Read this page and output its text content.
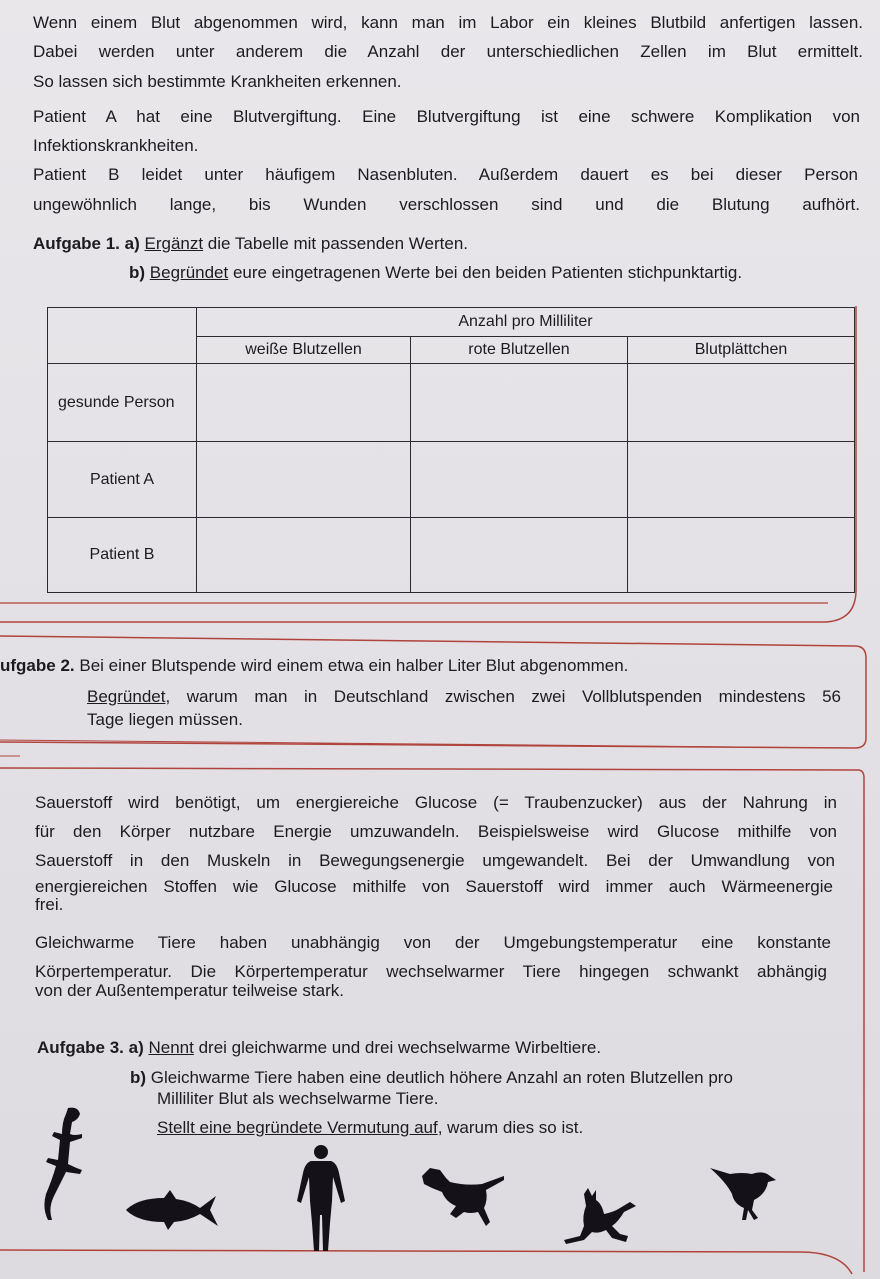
Wenn einem Blut abgenommen wird, kann man im Labor ein kleines Blutbild anfertigen lassen.
Dabei werden unter anderem die Anzahl der unterschiedlichen Zellen im Blut ermittelt.
So lassen sich bestimmte Krankheiten erkennen.
Patient A hat eine Blutvergiftung. Eine Blutvergiftung ist eine schwere Komplikation von
Infektionskrankheiten.
Patient B leidet unter häufigem Nasenbluten. Außerdem dauert es bei dieser Person
ungewöhnlich lange, bis Wunden verschlossen sind und die Blutung aufhört.
Aufgabe 1. a) Ergänzt die Tabelle mit passenden Werten.
b) Begründet eure eingetragenen Werte bei den beiden Patienten stichpunktartig.
	Anzahl pro Milliliter		
	weiße Blutzellen	rote Blutzellen	Blutplättchen
gesunde Person			
Patient A			
Patient B			
ufgabe 2. Bei einer Blutspende wird einem etwa ein halber Liter Blut abgenommen.
Begründet, warum man in Deutschland zwischen zwei Vollblutspenden mindestens 56
Tage liegen müssen.
Sauerstoff wird benötigt, um energiereiche Glucose (= Traubenzucker) aus der Nahrung in
für den Körper nutzbare Energie umzuwandeln. Beispielsweise wird Glucose mithilfe von
Sauerstoff in den Muskeln in Bewegungsenergie umgewandelt. Bei der Umwandlung von
energiereichen Stoffen wie Glucose mithilfe von Sauerstoff wird immer auch Wärmeenergie
frei.
Gleichwarme Tiere haben unabhängig von der Umgebungstemperatur eine konstante
Körpertemperatur. Die Körpertemperatur wechselwarmer Tiere hingegen schwankt abhängig
von der Außentemperatur teilweise stark.
Aufgabe 3. a) Nennt drei gleichwarme und drei wechselwarme Wirbeltiere.
b) Gleichwarme Tiere haben eine deutlich höhere Anzahl an roten Blutzellen pro
Milliliter Blut als wechselwarme Tiere.
Stellt eine begründete Vermutung auf, warum dies so ist.
